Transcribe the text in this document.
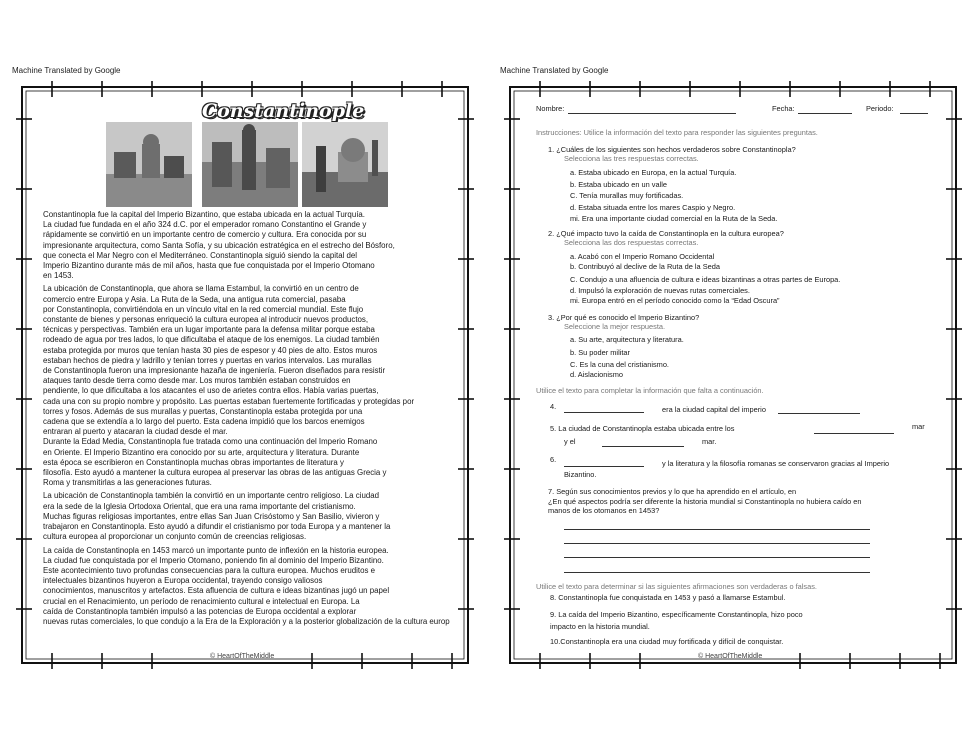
Machine Translated by Google
Constantinople

Constantinopla fue la capital del Imperio Bizantino, que estaba ubicada en la actual Turquía.
La ciudad fue fundada en el año 324 d.C. por el emperador romano Constantino el Grande y
rápidamente se convirtió en un importante centro de comercio y cultura. Era conocida por su
impresionante arquitectura, como Santa Sofía, y su ubicación estratégica en el estrecho del Bósforo,
que conecta el Mar Negro con el Mediterráneo. Constantinopla siguió siendo la capital del
Imperio Bizantino durante más de mil años, hasta que fue conquistada por el Imperio Otomano
en 1453.

La ubicación de Constantinopla, que ahora se llama Estambul, la convirtió en un centro de
comercio entre Europa y Asia. La Ruta de la Seda, una antigua ruta comercial, pasaba
por Constantinopla, convirtiéndola en un vínculo vital en la red comercial mundial. Este flujo
constante de bienes y personas enriqueció la cultura europea al introducir nuevos productos,
técnicas y perspectivas. También era un lugar importante para la defensa militar porque estaba
rodeado de agua por tres lados, lo que dificultaba el ataque de los enemigos. La ciudad también
estaba protegida por muros que tenían hasta 30 pies de espesor y 40 pies de alto. Estos muros
estaban hechos de piedra y ladrillo y tenían torres y puertas en varios intervalos. Las murallas
de Constantinopla fueron una impresionante hazaña de ingeniería. Fueron diseñados para resistir
ataques tanto desde tierra como desde mar. Los muros también estaban construidos en
pendiente, lo que dificultaba a los atacantes el uso de arietes contra ellos. Había varias puertas,
cada una con su propio nombre y propósito. Las puertas estaban fuertemente fortificadas y protegidas por
torres y fosos. Además de sus murallas y puertas, Constantinopla estaba protegida por una
cadena que se extendía a lo largo del puerto. Esta cadena impidió que los barcos enemigos
entraran al puerto y atacaran la ciudad desde el mar.
Durante la Edad Media, Constantinopla fue tratada como una continuación del Imperio Romano
en Oriente. El Imperio Bizantino era conocido por su arte, arquitectura y literatura. Durante
esta época se escribieron en Constantinopla muchas obras importantes de literatura y
filosofía. Esto ayudó a mantener la cultura europea al preservar las obras de las antiguas Grecia y
Roma y transmitirlas a las generaciones futuras.

La ubicación de Constantinopla también la convirtió en un importante centro religioso. La ciudad
era la sede de la Iglesia Ortodoxa Oriental, que era una rama importante del cristianismo.
Muchas figuras religiosas importantes, entre ellas San Juan Crisóstomo y San Basilio, vivieron y
trabajaron en Constantinopla. Esto ayudó a difundir el cristianismo por toda Europa y a mantener la
cultura europea al proporcionar un conjunto común de creencias religiosas.

La caída de Constantinopla en 1453 marcó un importante punto de inflexión en la historia europea.
La ciudad fue conquistada por el Imperio Otomano, poniendo fin al dominio del Imperio Bizantino.
Este acontecimiento tuvo profundas consecuencias para la cultura europea. Muchos eruditos e
intelectuales bizantinos huyeron a Europa occidental, trayendo consigo valiosos
conocimientos, manuscritos y artefactos. Esta afluencia de cultura e ideas bizantinas jugó un papel
crucial en el Renacimiento, un período de renacimiento cultural e intelectual en Europa. La
caída de Constantinopla también impulsó a las potencias de Europa occidental a explorar
nuevas rutas comerciales, lo que condujo a la Era de la Exploración y a la posterior globalización de la cultura europ

© HeartOfTheMiddle
Machine Translated by Google
Nombre:	Fecha:	Periodo:
Instrucciones: Utilice la información del texto para responder las siguientes preguntas.
1. ¿Cuáles de los siguientes son hechos verdaderos sobre Constantinopla?
Selecciona las tres respuestas correctas.
a. Estaba ubicado en Europa, en la actual Turquía.
b. Estaba ubicado en un valle
C. Tenía murallas muy fortificadas.
d. Estaba situada entre los mares Caspio y Negro.
mi. Era una importante ciudad comercial en la Ruta de la Seda.
2. ¿Qué impacto tuvo la caída de Constantinopla en la cultura europea?
Selecciona las dos respuestas correctas.
a. Acabó con el Imperio Romano Occidental
b. Contribuyó al declive de la Ruta de la Seda
C. Condujo a una afluencia de cultura e ideas bizantinas a otras partes de Europa.
d. Impulsó la exploración de nuevas rutas comerciales.
mi. Europa entró en el período conocido como la “Edad Oscura”
3. ¿Por qué es conocido el Imperio Bizantino?
Seleccione la mejor respuesta.
a. Su arte, arquitectura y literatura.
b. Su poder militar
C. Es la cuna del cristianismo.
d. Aislacionismo
Utilice el texto para completar la información que falta a continuación.
4.	era la ciudad capital del imperio
5. La ciudad de Constantinopla estaba ubicada entre los	mar
y el	mar.
6.	y la literatura y la filosofía romanas se conservaron gracias al Imperio
Bizantino.
7. Según sus conocimientos previos y lo que ha aprendido en el artículo, en
¿En qué aspectos podría ser diferente la historia mundial si Constantinopla no hubiera caído en
manos de los otomanos en 1453?
Utilice el texto para determinar si las siguientes afirmaciones son verdaderas o falsas.
8. Constantinopla fue conquistada en 1453 y pasó a llamarse Estambul.
9. La caída del Imperio Bizantino, específicamente Constantinopla, hizo poco
impacto en la historia mundial.
10.Constantinopla era una ciudad muy fortificada y difícil de conquistar.
© HeartOfTheMiddle
